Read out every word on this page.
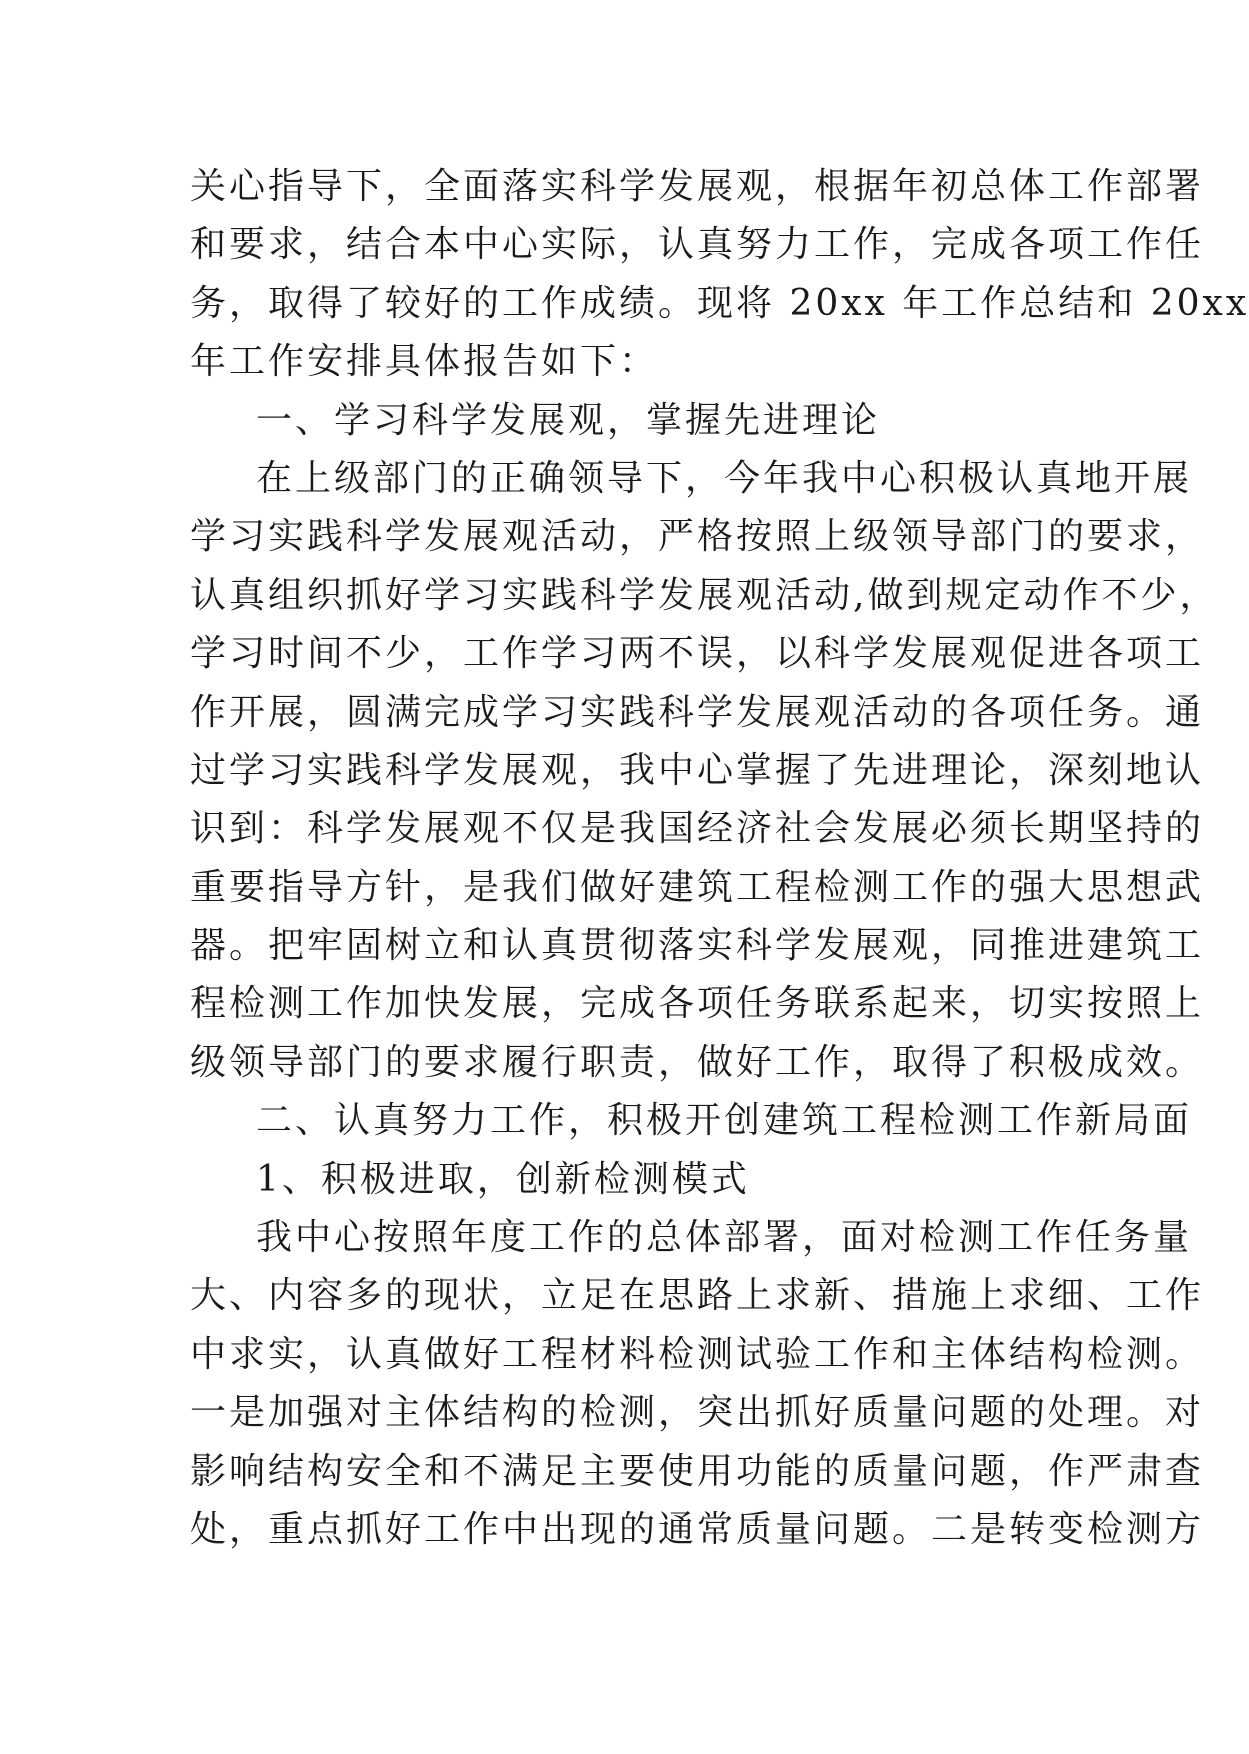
关心指导下，全面落实科学发展观，根据年初总体工作部署
和要求，结合本中心实际，认真努力工作，完成各项工作任
务，取得了较好的工作成绩。现将 20xx 年工作总结和 20xx
年工作安排具体报告如下：
一、学习科学发展观，掌握先进理论
在上级部门的正确领导下，今年我中心积极认真地开展
学习实践科学发展观活动，严格按照上级领导部门的要求，
认真组织抓好学习实践科学发展观活动,做到规定动作不少，
学习时间不少，工作学习两不误，以科学发展观促进各项工
作开展，圆满完成学习实践科学发展观活动的各项任务。通
过学习实践科学发展观，我中心掌握了先进理论，深刻地认
识到：科学发展观不仅是我国经济社会发展必须长期坚持的
重要指导方针，是我们做好建筑工程检测工作的强大思想武
器。把牢固树立和认真贯彻落实科学发展观，同推进建筑工
程检测工作加快发展，完成各项任务联系起来，切实按照上
级领导部门的要求履行职责，做好工作，取得了积极成效。
二、认真努力工作，积极开创建筑工程检测工作新局面
1、积极进取，创新检测模式
我中心按照年度工作的总体部署，面对检测工作任务量
大、内容多的现状，立足在思路上求新、措施上求细、工作
中求实，认真做好工程材料检测试验工作和主体结构检测。
一是加强对主体结构的检测，突出抓好质量问题的处理。对
影响结构安全和不满足主要使用功能的质量问题，作严肃查
处，重点抓好工作中出现的通常质量问题。二是转变检测方
